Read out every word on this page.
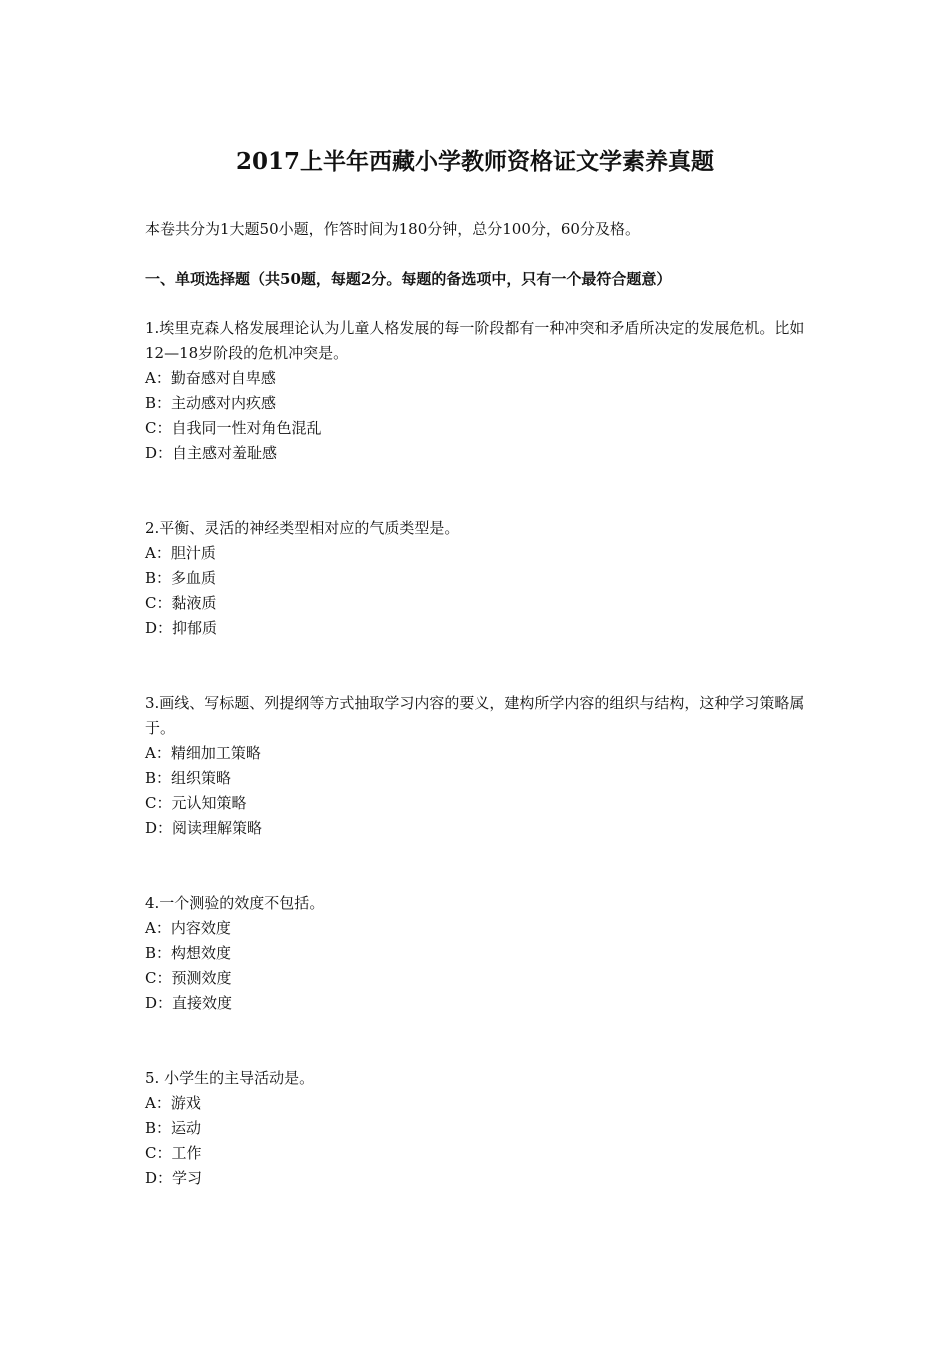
2017上半年西藏小学教师资格证文学素养真题
本卷共分为1大题50小题，作答时间为180分钟，总分100分，60分及格。
一、单项选择题（共50题，每题2分。每题的备选项中，只有一个最符合题意）

1.埃里克森人格发展理论认为儿童人格发展的每一阶段都有一种冲突和矛盾所决定的发展危机。比如12—18岁阶段的危机冲突是。

A：勤奋感对自卑感

B：主动感对内疚感

C：自我同一性对角色混乱

D：自主感对羞耻感

2.平衡、灵活的神经类型相对应的气质类型是。

A：胆汁质

B：多血质

C：黏液质

D：抑郁质

3.画线、写标题、列提纲等方式抽取学习内容的要义，建构所学内容的组织与结构，这种学习策略属于。

A：精细加工策略

B：组织策略

C：元认知策略

D：阅读理解策略

4.一个测验的效度不包括。

A：内容效度

B：构想效度

C：预测效度

D：直接效度

5. 小学生的主导活动是。

A：游戏

B：运动

C：工作

D：学习
